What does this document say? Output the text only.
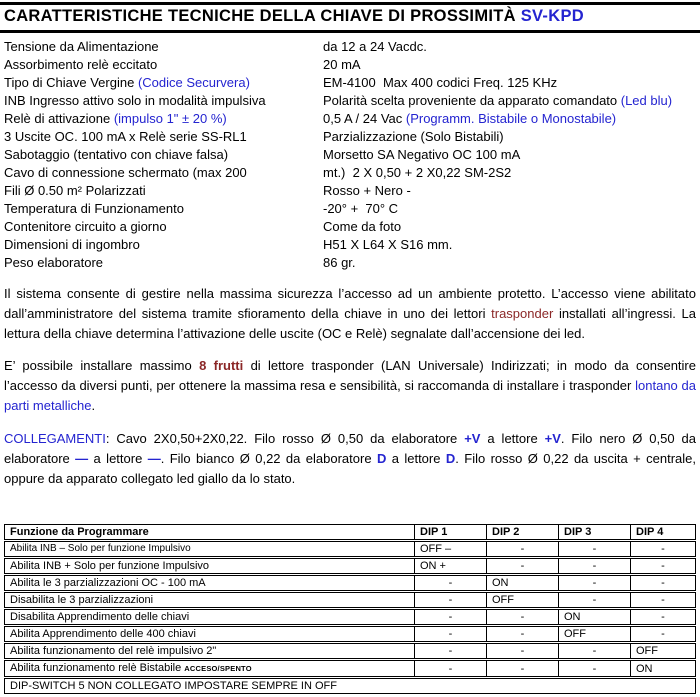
CARATTERISTICHE TECNICHE DELLA CHIAVE DI PROSSIMITÀ SV-KPD
Tensione da Alimentazione	da 12 a 24 Vacdc.
Assorbimento relè eccitato	20 mA
Tipo di Chiave Vergine (Codice Securvera)	EM-4100  Max 400 codici Freq. 125 KHz
INB Ingresso attivo solo in modalità impulsiva	Polarità scelta proveniente da apparato comandato (Led blu)
Relè di attivazione (impulso 1" ± 20 %)	0,5 A / 24 Vac (Programm. Bistabile o Monostabile)
3 Uscite OC. 100 mA x Relè serie SS-RL1	Parzializzazione (Solo Bistabili)
Sabotaggio (tentativo con chiave falsa)	Morsetto SA Negativo OC 100 mA
Cavo di connessione schermato (max 200	mt.)  2 X 0,50 + 2 X0,22 SM-2S2
Fili Ø 0.50 m² Polarizzati	Rosso + Nero -
Temperatura di Funzionamento	-20° +  70° C
Contenitore circuito a giorno	Come da foto
Dimensioni di ingombro	H51 X L64 X S16 mm.
Peso elaboratore	86 gr.

Il sistema consente di gestire nella massima sicurezza l’accesso ad un ambiente protetto. L’accesso viene abilitato dall’amministratore del sistema tramite sfioramento della chiave in uno dei lettori trasponder installati all’ingressi. La lettura della chiave determina l’attivazione delle uscite (OC e Relè) segnalate dall’accensione dei led.

E’ possibile installare massimo 8 frutti di lettore trasponder (LAN Universale) Indirizzati; in modo da consentire l’accesso da diversi punti, per ottenere la massima resa e sensibilità, si raccomanda di installare i trasponder lontano da parti metalliche.

COLLEGAMENTI: Cavo 2X0,50+2X0,22. Filo rosso Ø 0,50 da elaboratore +V a lettore +V. Filo nero Ø 0,50 da elaboratore — a lettore —. Filo bianco Ø 0,22 da elaboratore D a lettore D. Filo rosso Ø 0,22 da uscita + centrale, oppure da apparato collegato led giallo da lo stato.

Funzione da Programmare	DIP 1	DIP 2	DIP 3	DIP 4
Abilita INB – Solo per funzione Impulsivo	OFF –	-	-	-
Abilita INB + Solo per funzione Impulsivo	ON +	-	-	-
Abilita le 3 parzializzazioni OC - 100 mA	-	ON	-	-
Disabilita le 3 parzializzazioni	-	OFF	-	-
Disabilita Apprendimento delle chiavi	-	-	ON	-
Abilita Apprendimento delle 400 chiavi	-	-	OFF	-
Abilita funzionamento del relè impulsivo 2"	-	-	-	OFF
Abilita funzionamento relè Bistabile ACCESO/SPENTO	-	-	-	ON
DIP-SWITCH 5 NON COLLEGATO IMPOSTARE SEMPRE IN OFF				
